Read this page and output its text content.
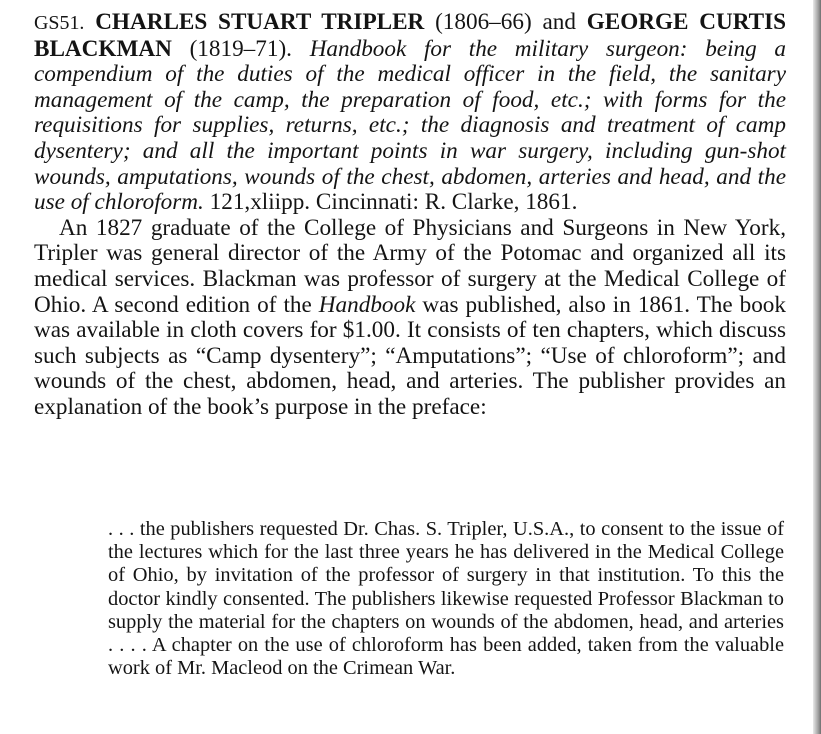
GS51. CHARLES STUART TRIPLER (1806–66) and GEORGE CURTIS BLACKMAN (1819–71). Handbook for the military surgeon: being a compendium of the duties of the medical officer in the field, the sanitary management of the camp, the preparation of food, etc.; with forms for the requisitions for supplies, returns, etc.; the diagnosis and treatment of camp dysentery; and all the important points in war surgery, including gun-shot wounds, amputations, wounds of the chest, abdomen, arteries and head, and the use of chloroform. 121,xliipp. Cincinnati: R. Clarke, 1861.

An 1827 graduate of the College of Physicians and Surgeons in New York, Tripler was general director of the Army of the Potomac and organized all its medical services. Blackman was professor of surgery at the Medical College of Ohio. A second edition of the Handbook was published, also in 1861. The book was available in cloth covers for $1.00. It consists of ten chapters, which discuss such subjects as “Camp dysentery”; “Amputations”; “Use of chloroform”; and wounds of the chest, abdomen, head, and arteries. The publisher provides an explanation of the book’s purpose in the preface:

. . . the publishers requested Dr. Chas. S. Tripler, U.S.A., to consent to the issue of the lectures which for the last three years he has delivered in the Medical College of Ohio, by invitation of the professor of surgery in that institution. To this the doctor kindly consented. The publishers likewise requested Professor Blackman to supply the material for the chapters on wounds of the abdomen, head, and arteries . . . . A chapter on the use of chloroform has been added, taken from the valuable work of Mr. Macleod on the Crimean War.
